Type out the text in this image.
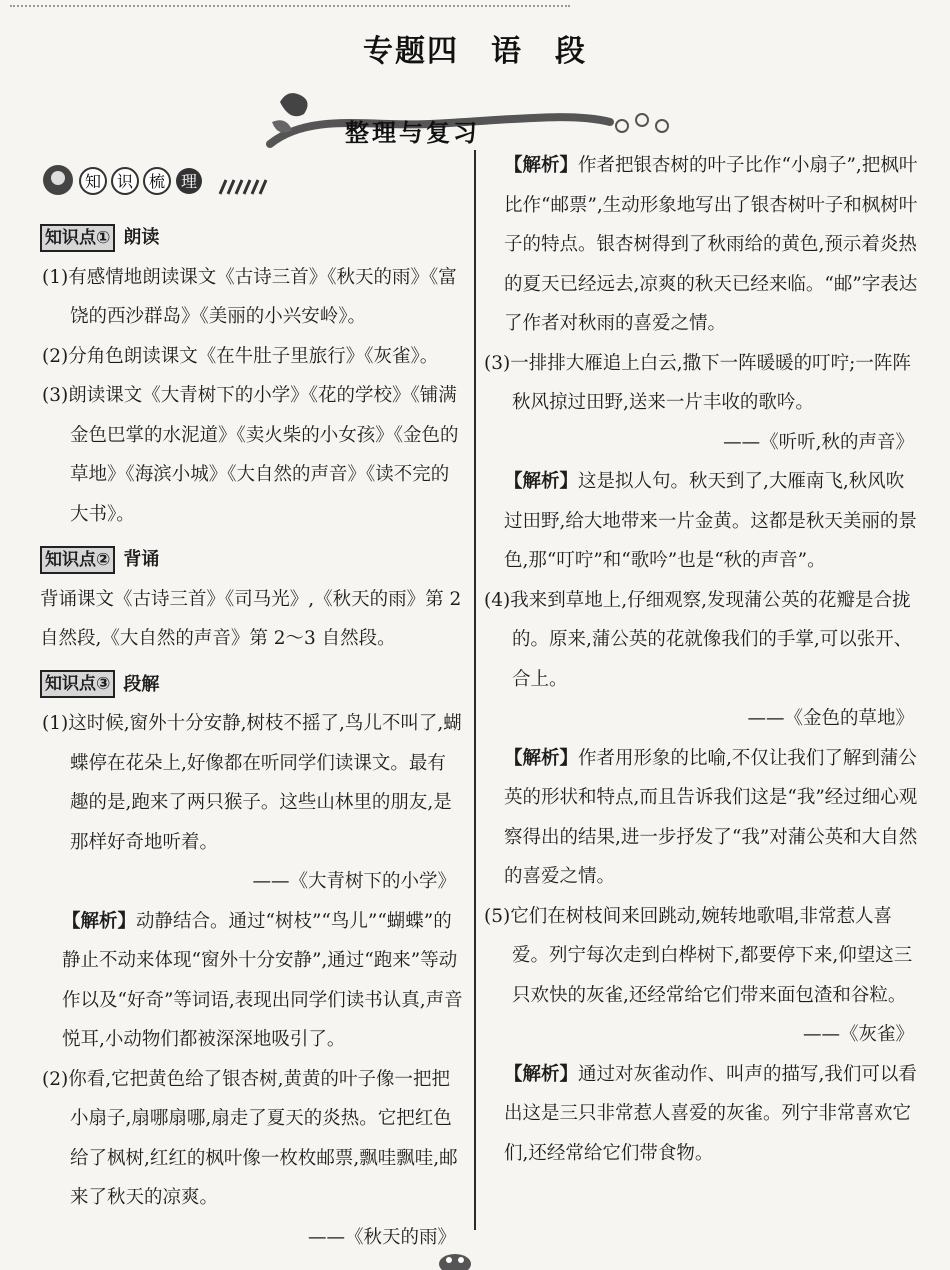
专题四　语　段
整理与复习
知 识 梳 理
知识点① 朗读

(1)有感情地朗读课文《古诗三首》《秋天的雨》《富饶的西沙群岛》《美丽的小兴安岭》。

(2)分角色朗读课文《在牛肚子里旅行》《灰雀》。

(3)朗读课文《大青树下的小学》《花的学校》《铺满金色巴掌的水泥道》《卖火柴的小女孩》《金色的草地》《海滨小城》《大自然的声音》《读不完的大书》。

知识点② 背诵

背诵课文《古诗三首》《司马光》,《秋天的雨》第 2 自然段,《大自然的声音》第 2～3 自然段。

知识点③ 段解

(1)这时候,窗外十分安静,树枝不摇了,鸟儿不叫了,蝴蝶停在花朵上,好像都在听同学们读课文。最有趣的是,跑来了两只猴子。这些山林里的朋友,是那样好奇地听着。

——《大青树下的小学》

【解析】动静结合。通过“树枝”“鸟儿”“蝴蝶”的静止不动来体现“窗外十分安静”,通过“跑来”等动作以及“好奇”等词语,表现出同学们读书认真,声音悦耳,小动物们都被深深地吸引了。

(2)你看,它把黄色给了银杏树,黄黄的叶子像一把把小扇子,扇哪扇哪,扇走了夏天的炎热。它把红色给了枫树,红红的枫叶像一枚枚邮票,飘哇飘哇,邮来了秋天的凉爽。

——《秋天的雨》

【解析】作者把银杏树的叶子比作“小扇子”,把枫叶比作“邮票”,生动形象地写出了银杏树叶子和枫树叶子的特点。银杏树得到了秋雨给的黄色,预示着炎热的夏天已经远去,凉爽的秋天已经来临。“邮”字表达了作者对秋雨的喜爱之情。

(3)一排排大雁追上白云,撒下一阵暖暖的叮咛;一阵阵秋风掠过田野,送来一片丰收的歌吟。

——《听听,秋的声音》

【解析】这是拟人句。秋天到了,大雁南飞,秋风吹过田野,给大地带来一片金黄。这都是秋天美丽的景色,那“叮咛”和“歌吟”也是“秋的声音”。

(4)我来到草地上,仔细观察,发现蒲公英的花瓣是合拢的。原来,蒲公英的花就像我们的手掌,可以张开、合上。

——《金色的草地》

【解析】作者用形象的比喻,不仅让我们了解到蒲公英的形状和特点,而且告诉我们这是“我”经过细心观察得出的结果,进一步抒发了“我”对蒲公英和大自然的喜爱之情。

(5)它们在树枝间来回跳动,婉转地歌唱,非常惹人喜爱。列宁每次走到白桦树下,都要停下来,仰望这三只欢快的灰雀,还经常给它们带来面包渣和谷粒。

——《灰雀》

【解析】通过对灰雀动作、叫声的描写,我们可以看出这是三只非常惹人喜爱的灰雀。列宁非常喜欢它们,还经常给它们带食物。
